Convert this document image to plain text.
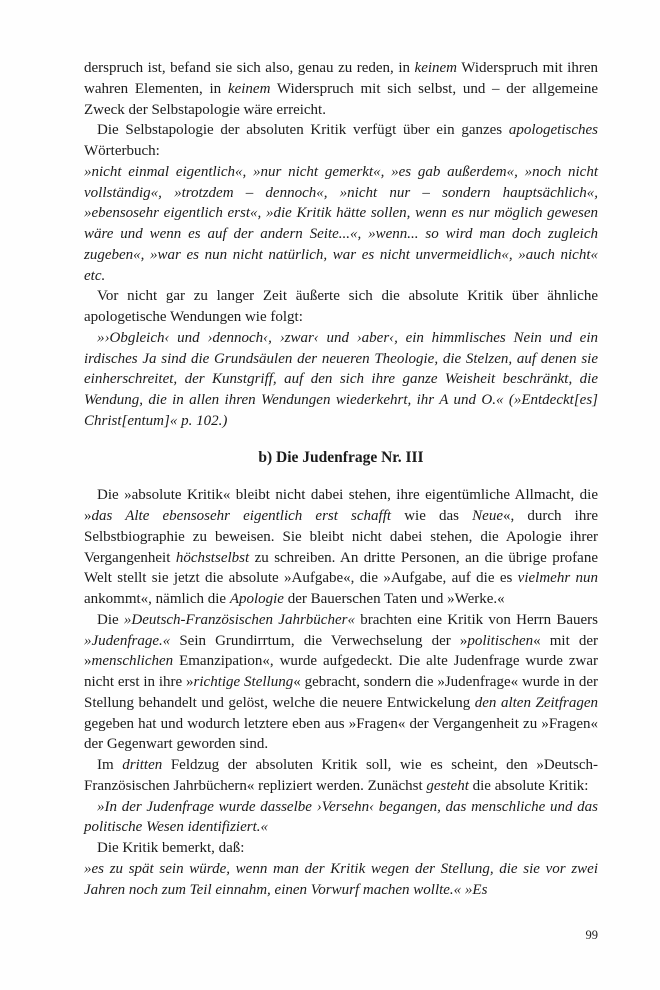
derspruch ist, befand sie sich also, genau zu reden, in keinem Widerspruch mit ihren wahren Elementen, in keinem Widerspruch mit sich selbst, und – der allgemeine Zweck der Selbstapologie wäre erreicht.

Die Selbstapologie der absoluten Kritik verfügt über ein ganzes apologetisches Wörterbuch:

»nicht einmal eigentlich«, »nur nicht gemerkt«, »es gab außerdem«, »noch nicht vollständig«, »trotzdem – dennoch«, »nicht nur – sondern hauptsächlich«, »ebensosehr eigentlich erst«, »die Kritik hätte sollen, wenn es nur möglich gewesen wäre und wenn es auf der andern Seite...«, »wenn... so wird man doch zugleich zugeben«, »war es nun nicht natürlich, war es nicht unvermeidlich«, »auch nicht« etc.

Vor nicht gar zu langer Zeit äußerte sich die absolute Kritik über ähnliche apologetische Wendungen wie folgt:

»›Obgleich‹ und ›dennoch‹, ›zwar‹ und ›aber‹, ein himmlisches Nein und ein irdisches Ja sind die Grundsäulen der neueren Theologie, die Stelzen, auf denen sie einherschreitet, der Kunstgriff, auf den sich ihre ganze Weisheit beschränkt, die Wendung, die in allen ihren Wendungen wiederkehrt, ihr A und O.« (»Entdeckt[es] Christ[entum]« p. 102.)

b) Die Judenfrage Nr. III

Die »absolute Kritik« bleibt nicht dabei stehen, ihre eigentümliche Allmacht, die »das Alte ebensosehr eigentlich erst schafft wie das Neue«, durch ihre Selbstbiographie zu beweisen. Sie bleibt nicht dabei stehen, die Apologie ihrer Vergangenheit höchstselbst zu schreiben. An dritte Personen, an die übrige profane Welt stellt sie jetzt die absolute »Aufgabe«, die »Aufgabe, auf die es vielmehr nun ankommt«, nämlich die Apologie der Bauerschen Taten und »Werke.«

Die »Deutsch-Französischen Jahrbücher« brachten eine Kritik von Herrn Bauers »Judenfrage.« Sein Grundirrtum, die Verwechselung der »politischen« mit der »menschlichen Emanzipation«, wurde aufgedeckt. Die alte Judenfrage wurde zwar nicht erst in ihre »richtige Stellung« gebracht, sondern die »Judenfrage« wurde in der Stellung behandelt und gelöst, welche die neuere Entwickelung den alten Zeitfragen gegeben hat und wodurch letztere eben aus »Fragen« der Vergangenheit zu »Fragen« der Gegenwart geworden sind.

Im dritten Feldzug der absoluten Kritik soll, wie es scheint, den »Deutsch-Französischen Jahrbüchern« repliziert werden. Zunächst gesteht die absolute Kritik:

»In der Judenfrage wurde dasselbe ›Versehn‹ begangen, das menschliche und das politische Wesen identifiziert.«

Die Kritik bemerkt, daß:

»es zu spät sein würde, wenn man der Kritik wegen der Stellung, die sie vor zwei Jahren noch zum Teil einnahm, einen Vorwurf machen wollte.« »Es

99
